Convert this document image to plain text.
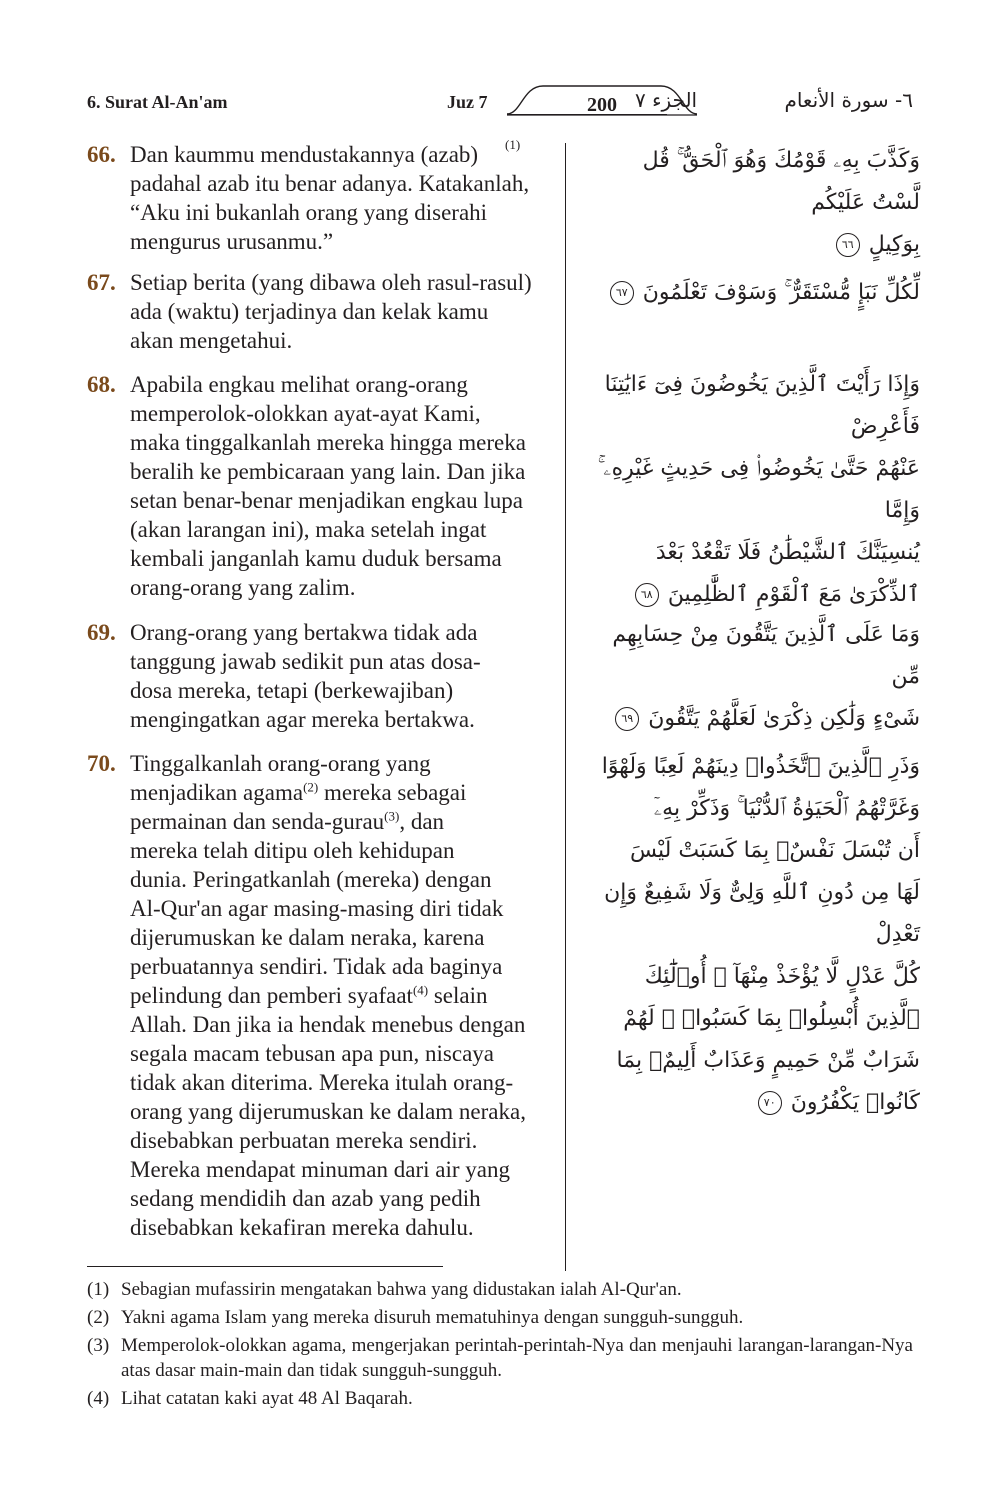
6. Surat Al-An'am	Juz 7	200 الجزء ٧	٦- سورة الأنعام
66. Dan kaummu mendustakannya (azab)
padahal azab itu benar adanya. Katakanlah,
“Aku ini bukanlah orang yang diserahi
mengurus urusanmu.”
(1)
وَكَذَّبَ بِهِۦ قَوْمُكَ وَهُوَ ٱلْحَقُّ ۚ قُل لَّسْتُ عَلَيْكُم
بِوَكِيلٍ ٦٦
67. Setiap berita (yang dibawa oleh rasul-rasul)
ada (waktu) terjadinya dan kelak kamu
akan mengetahui.
لِّكُلِّ نَبَإٍ مُّسْتَقَرٌّ ۚ وَسَوْفَ تَعْلَمُونَ ٦٧
68. Apabila engkau melihat orang-orang
memperolok-olokkan ayat-ayat Kami,
maka tinggalkanlah mereka hingga mereka
beralih ke pembicaraan yang lain. Dan jika
setan benar-benar menjadikan engkau lupa
(akan larangan ini), maka setelah ingat
kembali janganlah kamu duduk bersama
orang-orang yang zalim.
وَإِذَا رَأَيْتَ ٱلَّذِينَ يَخُوضُونَ فِىٓ ءَايَٰتِنَا فَأَعْرِضْ
عَنْهُمْ حَتَّىٰ يَخُوضُوا۟ فِى حَدِيثٍ غَيْرِهِۦ ۚ وَإِمَّا
يُنسِيَنَّكَ ٱلشَّيْطَٰنُ فَلَا تَقْعُدْ بَعْدَ
ٱلذِّكْرَىٰ مَعَ ٱلْقَوْمِ ٱلظَّٰلِمِينَ ٦٨
69. Orang-orang yang bertakwa tidak ada
tanggung jawab sedikit pun atas dosa-
dosa mereka, tetapi (berkewajiban)
mengingatkan agar mereka bertakwa.
وَمَا عَلَى ٱلَّذِينَ يَتَّقُونَ مِنْ حِسَابِهِم مِّن
شَىْءٍ وَلَٰكِن ذِكْرَىٰ لَعَلَّهُمْ يَتَّقُونَ ٦٩
70. Tinggalkanlah orang-orang yang
menjadikan agama$^{(2)}$ mereka sebagai
permainan dan senda-gurau$^{(3)}$, dan
mereka telah ditipu oleh kehidupan
dunia. Peringatkanlah (mereka) dengan
Al-Qur'an agar masing-masing diri tidak
dijerumuskan ke dalam neraka, karena
perbuatannya sendiri. Tidak ada baginya
pelindung dan pemberi syafaat$^{(4)}$ selain
Allah. Dan jika ia hendak menebus dengan
segala macam tebusan apa pun, niscaya
tidak akan diterima. Mereka itulah orang-
orang yang dijerumuskan ke dalam neraka,
disebabkan perbuatan mereka sendiri.
Mereka mendapat minuman dari air yang
sedang mendidih dan azab yang pedih
disebabkan kekafiran mereka dahulu.
وَذَرِ ٱلَّذِينَ ٱتَّخَذُوا۟ دِينَهُمْ لَعِبًا وَلَهْوًا
وَغَرَّتْهُمُ ٱلْحَيَوٰةُ ٱلدُّنْيَا ۚ وَذَكِّرْ بِهِۦٓ
أَن تُبْسَلَ نَفْسٌۢ بِمَا كَسَبَتْ لَيْسَ
لَهَا مِن دُونِ ٱللَّهِ وَلِىٌّ وَلَا شَفِيعٌ وَإِن تَعْدِلْ
كُلَّ عَدْلٍ لَّا يُؤْخَذْ مِنْهَآ ۗ أُو۟لَٰٓئِكَ
ٱلَّذِينَ أُبْسِلُوا۟ بِمَا كَسَبُوا۟ ۖ لَهُمْ
شَرَابٌ مِّنْ حَمِيمٍ وَعَذَابٌ أَلِيمٌۢ بِمَا
كَانُوا۟ يَكْفُرُونَ ٧٠
(1) Sebagian mufassirin mengatakan bahwa yang didustakan ialah Al-Qur'an.
(2) Yakni agama Islam yang mereka disuruh mematuhinya dengan sungguh-sungguh.
(3) Memperolok-olokkan agama, mengerjakan perintah-perintah-Nya dan menjauhi larangan-larangan-Nya atas dasar main-main dan tidak sungguh-sungguh.
(4) Lihat catatan kaki ayat 48 Al Baqarah.
